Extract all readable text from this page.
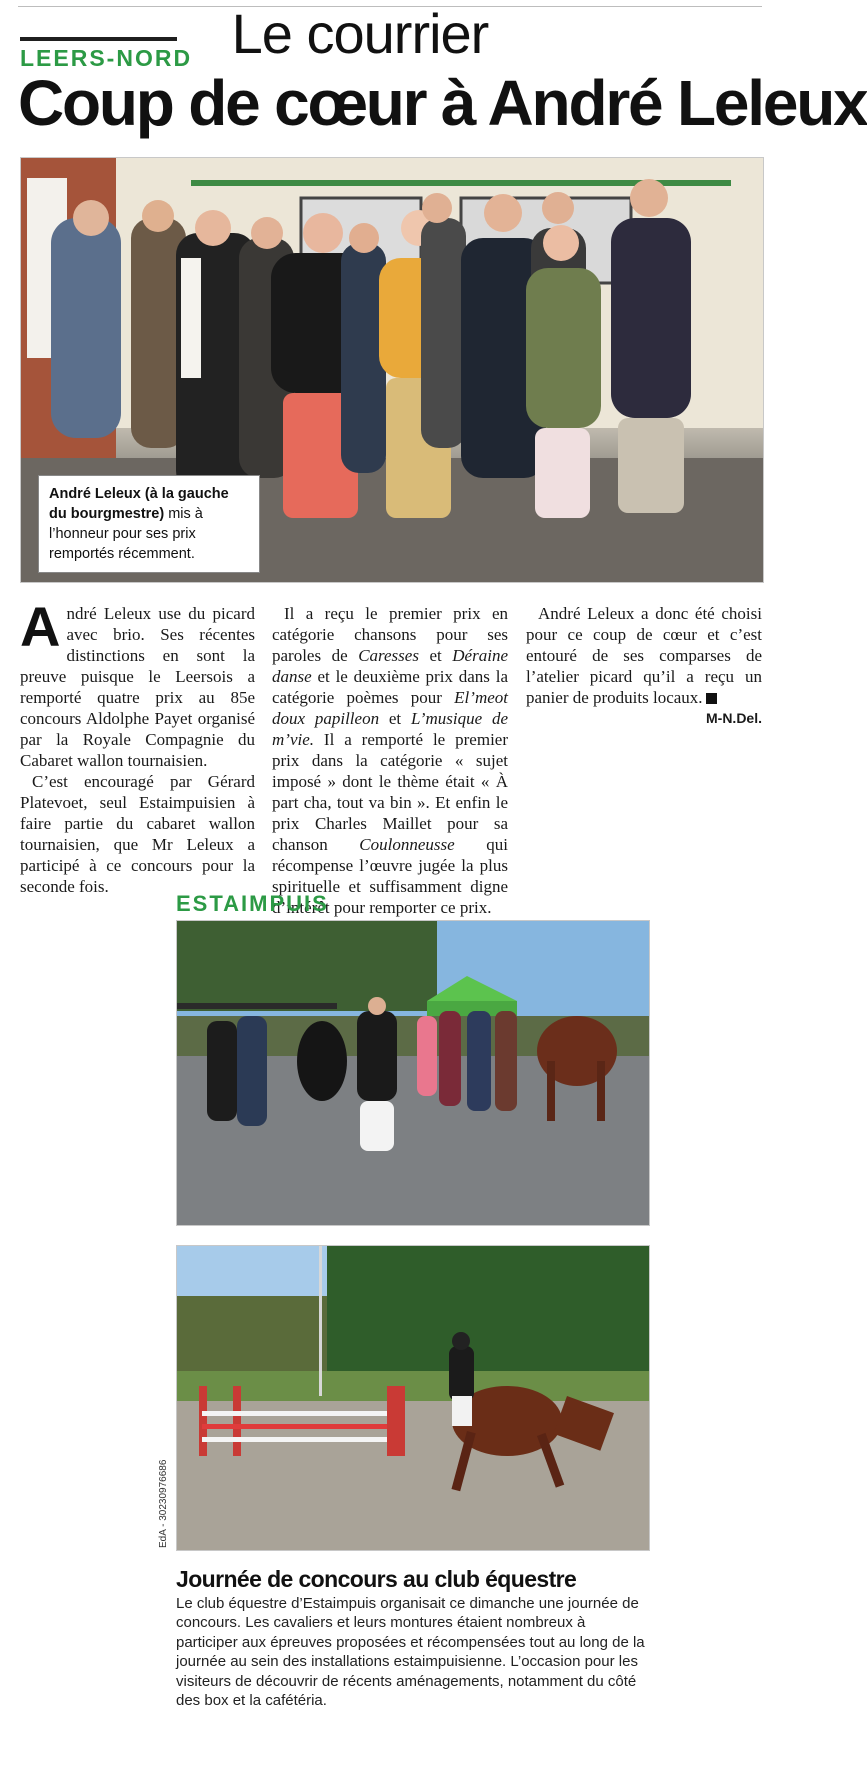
Le courrier
LEERS-NORD
Coup de cœur à André Leleux
André Leleux (à la gauche du bourgmestre) mis à l’honneur pour ses prix remportés récemment.

André Leleux use du picard avec brio. Ses récentes distinctions en sont la preuve puisque le Leersois a remporté quatre prix au 85e concours Aldolphe Payet organisé par la Royale Compagnie du Cabaret wallon tournaisien.

C’est encouragé par Gérard Platevoet, seul Estaimpuisien à faire partie du cabaret wallon tournaisien, que Mr Leleux a participé à ce concours pour la seconde fois.

Il a reçu le premier prix en catégorie chansons pour ses paroles de Caresses et Déraine danse et le deuxième prix dans la catégorie poèmes pour El’meot doux papilleon et L’musique de m’vie. Il a remporté le premier prix dans la catégorie « sujet imposé » dont le thème était « À part cha, tout va bin ». Et enfin le prix Charles Maillet pour sa chanson Coulonneusse qui récompense l’œuvre jugée la plus spirituelle et suffisamment digne d’intérêt pour remporter ce prix.

André Leleux a donc été choisi pour ce coup de cœur et c’est entouré de ses comparses de l’atelier picard qu’il a reçu un panier de produits locaux.
M-N.Del.

ESTAIMPUIS
EdA - 30230976686
Journée de concours au club équestre
Le club équestre d’Estaimpuis organisait ce dimanche une journée de concours. Les cavaliers et leurs montures étaient nombreux à participer aux épreuves proposées et récompensées tout au long de la journée au sein des installations estaimpuisienne. L’occasion pour les visiteurs de découvrir de récents aménagements, notamment du côté des box et la cafétéria.
